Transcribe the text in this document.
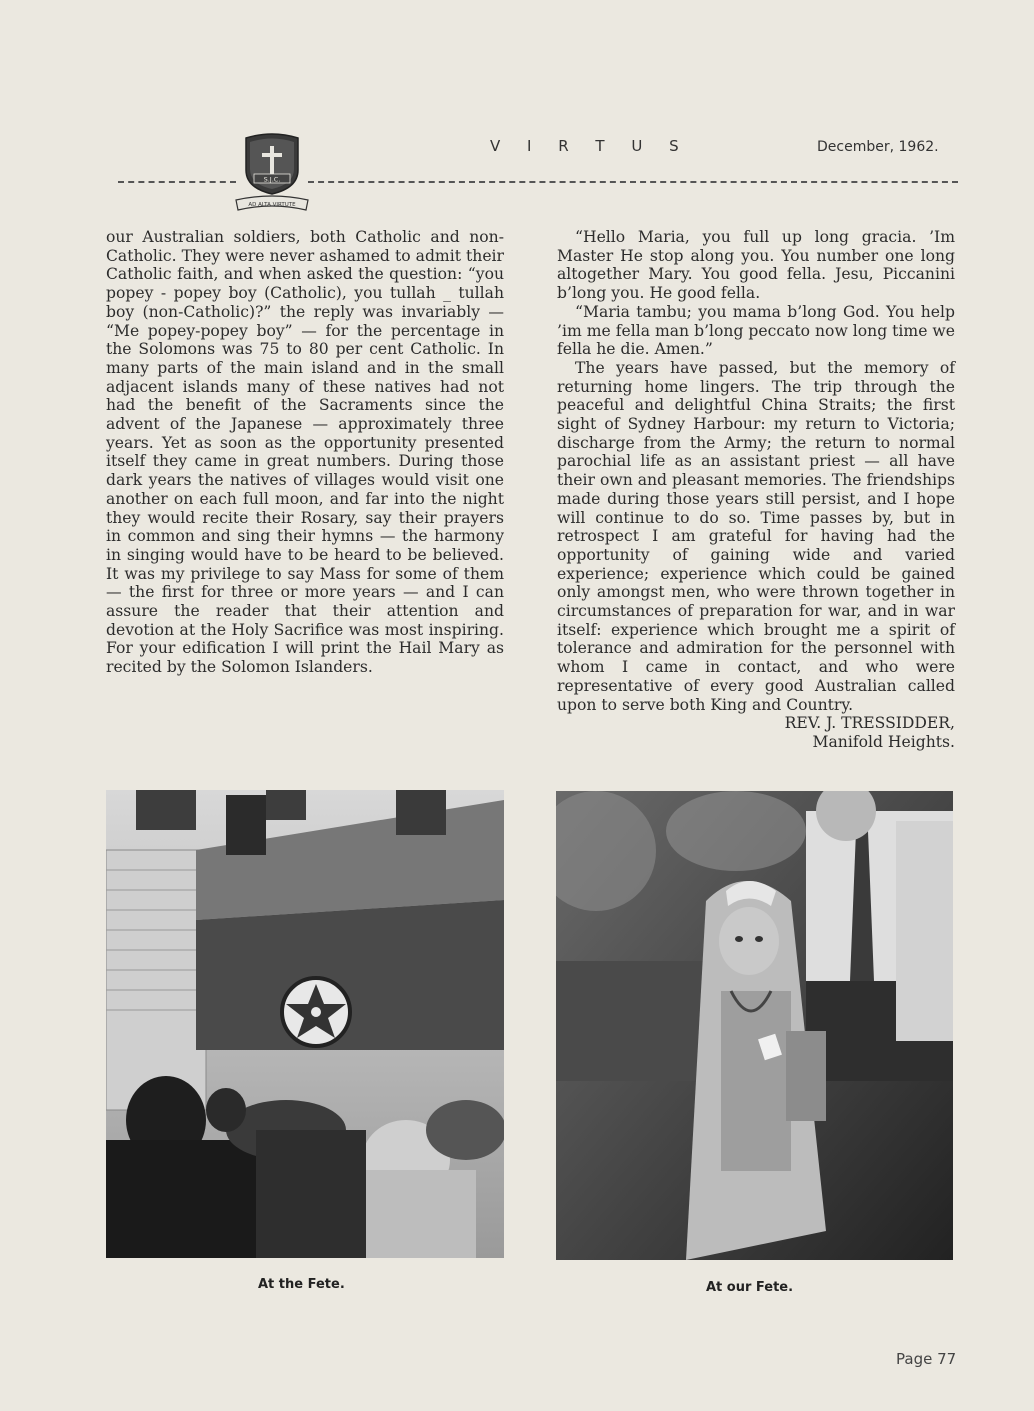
S.J.C.
AD ALTA VIRTUTE
V I R T U S	December, 1962.

our Australian soldiers, both Catholic and non-Catholic. They were never ashamed to admit their Catholic faith, and when asked the question: “you popey - popey boy (Catholic), you tullah _ tullah boy (non-Catholic)?” the reply was invariably — “Me popey-popey boy” — for the percentage in the Solomons was 75 to 80 per cent Catholic. In many parts of the main island and in the small adjacent islands many of these natives had not had the benefit of the Sacraments since the advent of the Japanese — approximately three years. Yet as soon as the opportunity presented itself they came in great numbers. During those dark years the natives of villages would visit one another on each full moon, and far into the night they would recite their Rosary, say their prayers in common and sing their hymns — the harmony in singing would have to be heard to be believed. It was my privilege to say Mass for some of them — the first for three or more years — and I can assure the reader that their attention and devotion at the Holy Sacrifice was most inspiring. For your edification I will print the Hail Mary as recited by the Solomon Islanders.

“Hello Maria, you full up long gracia. ’Im Master He stop along you. You number one long altogether Mary. You good fella. Jesu, Piccanini b’long you. He good fella.

“Maria tambu; you mama b’long God. You help ’im me fella man b’long peccato now long time we fella he die. Amen.”

The years have passed, but the memory of returning home lingers. The trip through the peaceful and delightful China Straits; the first sight of Sydney Harbour: my return to Victoria; discharge from the Army; the return to normal parochial life as an assistant priest — all have their own and pleasant memories. The friendships made during those years still persist, and I hope will continue to do so. Time passes by, but in retrospect I am grateful for having had the opportunity of gaining wide and varied experience; experience which could be gained only amongst men, who were thrown together in circumstances of preparation for war, and in war itself: experience which brought me a spirit of tolerance and admiration for the personnel with whom I came in contact, and who were representative of every good Australian called upon to serve both King and Country.

REV. J. TRESSIDDER,

Manifold Heights.

At the Fete.	At our Fete.
Page 77
